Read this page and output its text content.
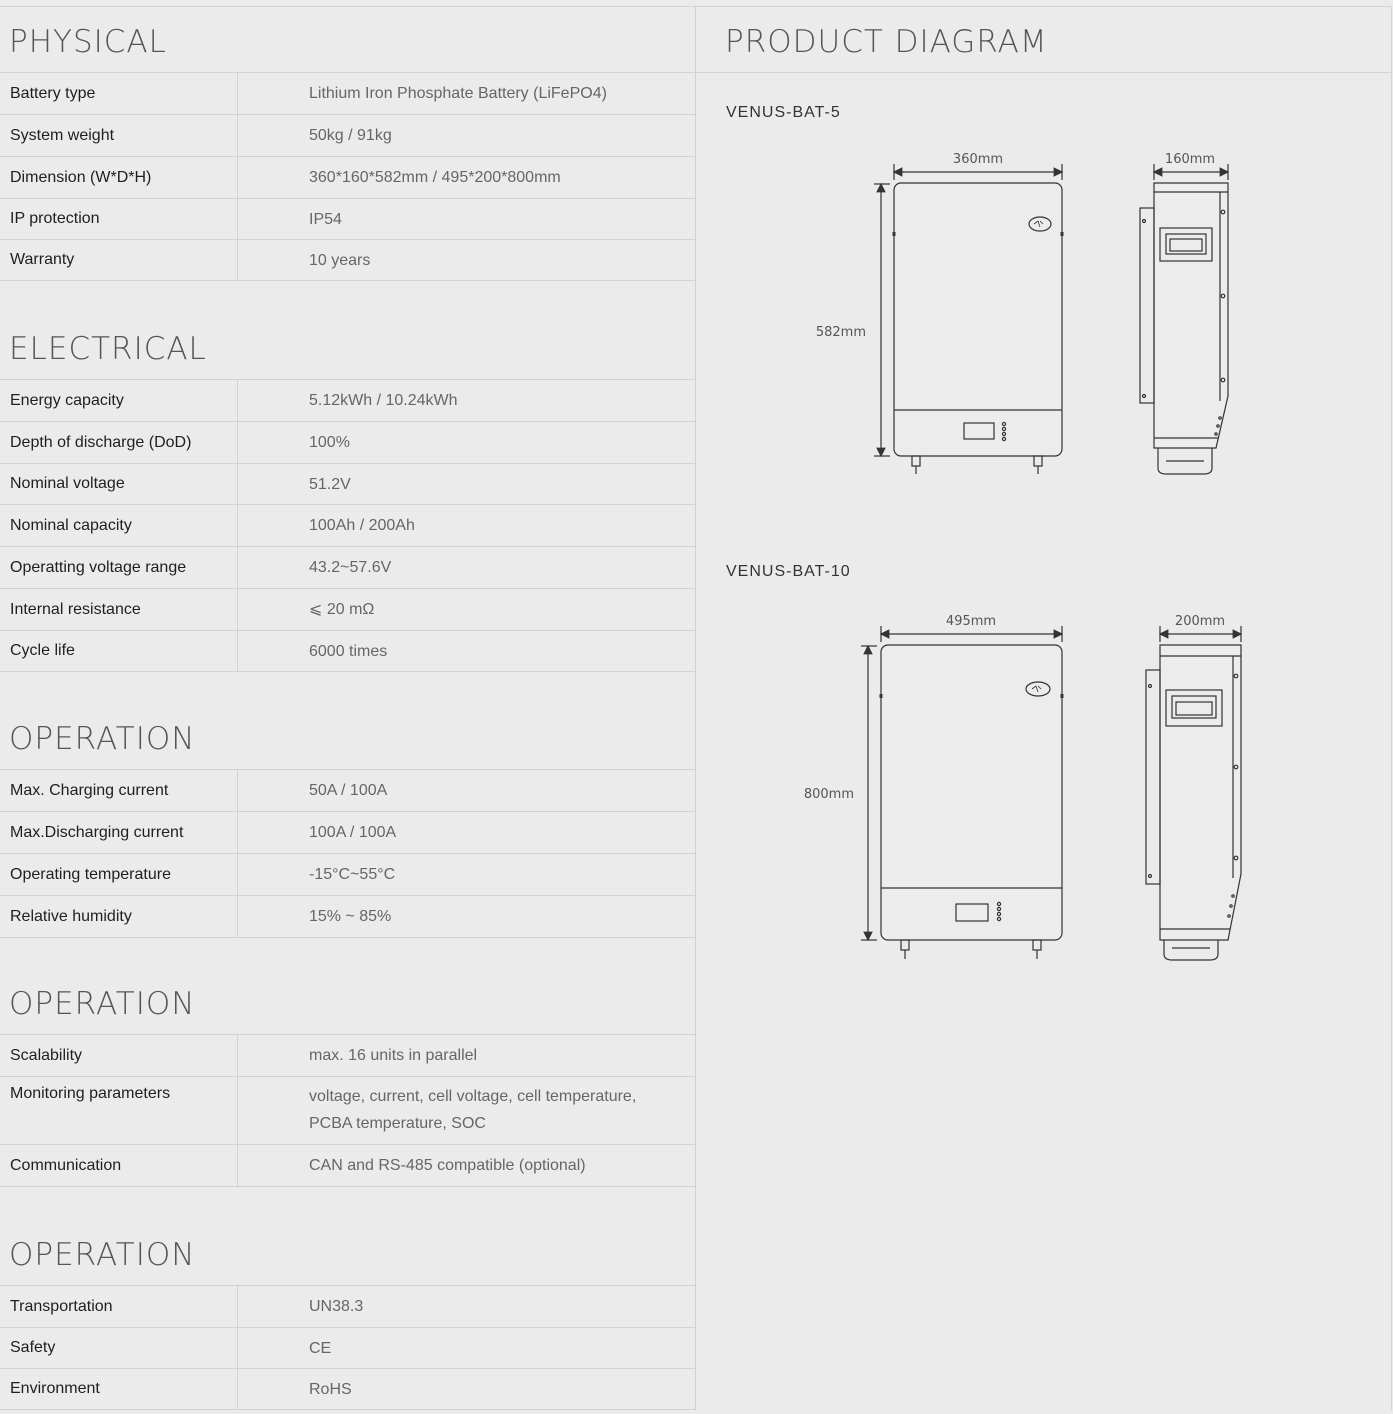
PHYSICAL
Battery type	Lithium Iron Phosphate Battery (LiFePO4)
System weight	50kg / 91kg
Dimension (W*D*H)	360*160*582mm / 495*200*800mm
IP protection	IP54
Warranty	10 years
ELECTRICAL
Energy capacity	5.12kWh / 10.24kWh
Depth of discharge (DoD)	100%
Nominal voltage	51.2V
Nominal capacity	100Ah / 200Ah
Operatting voltage range	43.2~57.6V
Internal resistance	⩽ 20 mΩ
Cycle life	6000 times
OPERATION
Max. Charging current	50A / 100A
Max.Discharging current	100A / 100A
Operating temperature	-15°C~55°C
Relative humidity	15% ~ 85%
OPERATION
Scalability	max. 16 units in parallel
Monitoring parameters	voltage, current, cell voltage, cell temperature,
PCBA temperature, SOC
Communication	CAN and RS-485 compatible (optional)
OPERATION
Transportation	UN38.3
Safety	CE
Environment	RoHS
PRODUCT DIAGRAM

VENUS-BAT-5

VENUS-BAT-10

360mm
582mm
160mm
495mm
800mm
200mm
